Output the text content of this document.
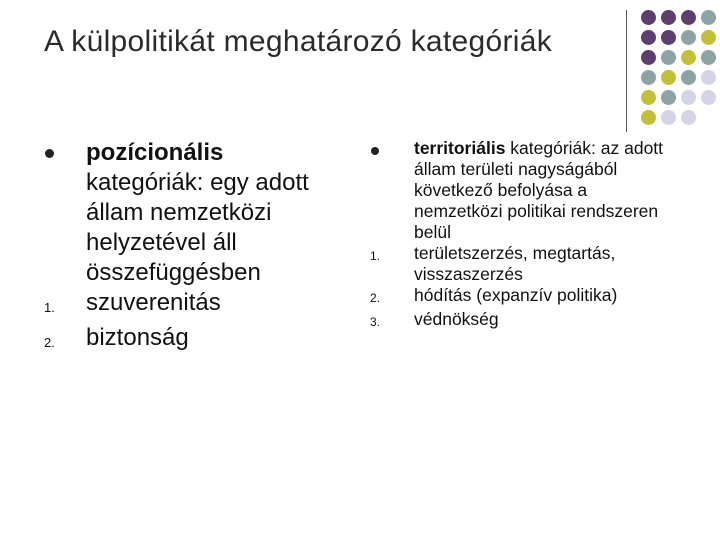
A külpolitikát meghatározó kategóriák
pozícionális kategóriák: egy adott állam nemzetközi helyzetével áll összefüggésben
1.	szuverenitás
2.	biztonság
territoriális kategóriák: az adott állam területi nagyságából következő befolyása a nemzetközi politikai rendszeren belül
1.	területszerzés, megtartás, visszaszerzés
2.	hódítás (expanzív politika)
3.	védnökség
